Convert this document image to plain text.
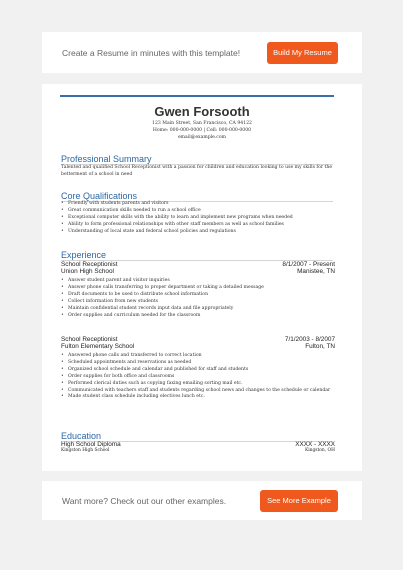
Create a Resume in minutes with this template!	Build My Resume
Gwen Forsooth
123 Main Street, San Francisco, CA 94122
Home: 000-000-0000 | Cell: 000-000-0000
email@example.com
Professional Summary
Talented and qualified School Receptionist with a passion for children and education looking to use my skills for the
betterment of a school in need
Core Qualifications
• Friendly with students parents and visitors
• Great communication skills needed to run a school office
• Exceptional computer skills with the ability to learn and implement new programs when needed
• Ability to form professional relationships with other staff members as well as school families
• Understanding of local state and federal school policies and regulations
Experience
School Receptionist
Union High School
8/1/2007 - Present
Manistee, TN
• Answer student parent and visitor inquiries
• Answer phone calls transferring to proper department or taking a detailed message
• Draft documents to be used to distribute school information
• Collect information from new students
• Maintain confidential student records input data and file appropriately
• Order supplies and curriculum needed for the classroom
School Receptionist
Fulton Elementary School
7/1/2003 - 8/2007
Fulton, TN
• Answered phone calls and transferred to correct location
• Scheduled appointments and reservations as needed
• Organized school schedule and calendar and published for staff and students
• Order supplies for both office and classrooms
• Performed clerical duties such as copying faxing emailing sorting mail etc.
• Communicated with teachers staff and students regarding school news and changes to the schedule or calendar
• Made student class schedule including electives lunch etc.
Education
High School Diploma
Kingston High School
XXXX - XXXX
Kingston, OH
Want more? Check out our other examples.	See More Example
